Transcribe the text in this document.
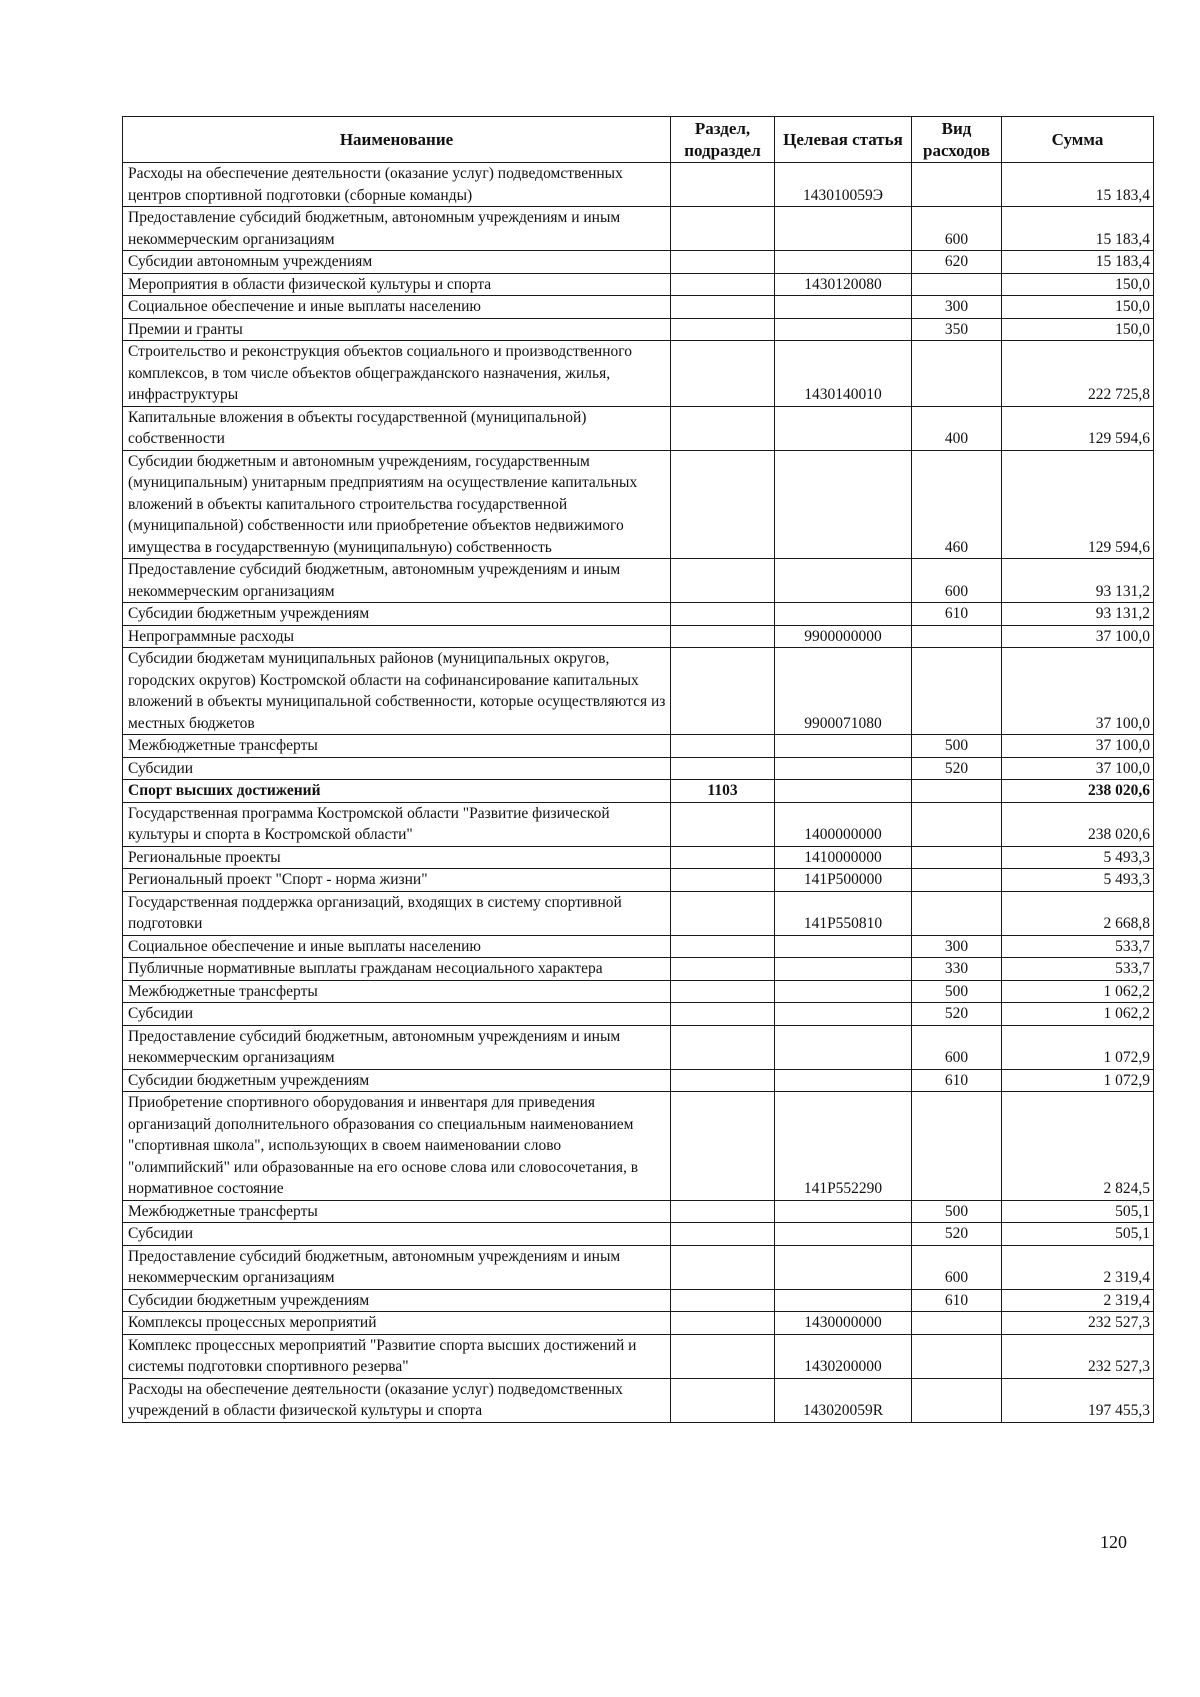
Наименование	Раздел, подраздел	Целевая статья	Вид расходов	Сумма
Расходы на обеспечение деятельности (оказание услуг) подведомственных центров спортивной подготовки (сборные команды)		143010059Э		15 183,4
Предоставление субсидий бюджетным, автономным учреждениям и иным некоммерческим организациям			600	15 183,4
Субсидии автономным учреждениям			620	15 183,4
Мероприятия в области физической культуры и спорта		1430120080		150,0
Социальное обеспечение и иные выплаты населению			300	150,0
Премии и гранты			350	150,0
Строительство и реконструкция объектов социального и производственного комплексов, в том числе объектов общегражданского назначения, жилья, инфраструктуры		1430140010		222 725,8
Капитальные вложения в объекты государственной (муниципальной) собственности			400	129 594,6
Субсидии бюджетным и автономным учреждениям, государственным (муниципальным) унитарным предприятиям на осуществление капитальных вложений в объекты капитального строительства государственной (муниципальной) собственности или приобретение объектов недвижимого имущества в государственную (муниципальную) собственность			460	129 594,6
Предоставление субсидий бюджетным, автономным учреждениям и иным некоммерческим организациям			600	93 131,2
Субсидии бюджетным учреждениям			610	93 131,2
Непрограммные расходы		9900000000		37 100,0
Субсидии бюджетам муниципальных районов (муниципальных округов, городских округов) Костромской области на софинансирование капитальных вложений в объекты муниципальной собственности, которые осуществляются из местных бюджетов		9900071080		37 100,0
Межбюджетные трансферты			500	37 100,0
Субсидии			520	37 100,0
Спорт высших достижений	1103			238 020,6
Государственная программа Костромской области "Развитие физической культуры и спорта в Костромской области"		1400000000		238 020,6
Региональные проекты		1410000000		5 493,3
Региональный проект "Спорт - норма жизни"		141P500000		5 493,3
Государственная поддержка организаций, входящих в систему спортивной подготовки		141P550810		2 668,8
Социальное обеспечение и иные выплаты населению			300	533,7
Публичные нормативные выплаты гражданам несоциального характера			330	533,7
Межбюджетные трансферты			500	1 062,2
Субсидии			520	1 062,2
Предоставление субсидий бюджетным, автономным учреждениям и иным некоммерческим организациям			600	1 072,9
Субсидии бюджетным учреждениям			610	1 072,9
Приобретение спортивного оборудования и инвентаря для приведения организаций дополнительного образования со специальным наименованием "спортивная школа", использующих в своем наименовании слово "олимпийский" или образованные на его основе слова или словосочетания, в нормативное состояние		141P552290		2 824,5
Межбюджетные трансферты			500	505,1
Субсидии			520	505,1
Предоставление субсидий бюджетным, автономным учреждениям и иным некоммерческим организациям			600	2 319,4
Субсидии бюджетным учреждениям			610	2 319,4
Комплексы процессных мероприятий		1430000000		232 527,3
Комплекс процессных мероприятий "Развитие спорта высших достижений и системы подготовки спортивного резерва"		1430200000		232 527,3
Расходы на обеспечение деятельности (оказание услуг) подведомственных учреждений в области физической культуры и спорта		143020059R		197 455,3
120
